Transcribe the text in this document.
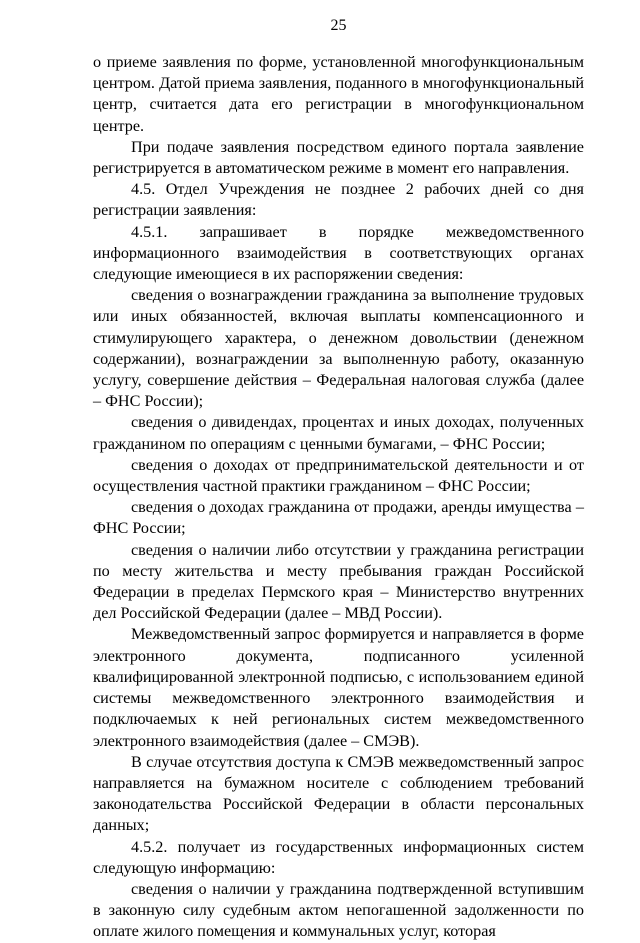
25

о приеме заявления по форме, установленной многофункциональным центром. Датой приема заявления, поданного в многофункциональный центр, считается дата его регистрации в многофункциональном центре.

При подаче заявления посредством единого портала заявление регистрируется в автоматическом режиме в момент его направления.

4.5. Отдел Учреждения не позднее 2 рабочих дней со дня регистрации заявления:

4.5.1. запрашивает в порядке межведомственного информационного взаимодействия в соответствующих органах следующие имеющиеся в их распоряжении сведения:

сведения о вознаграждении гражданина за выполнение трудовых или иных обязанностей, включая выплаты компенсационного и стимулирующего характера, о денежном довольствии (денежном содержании), вознаграждении за выполненную работу, оказанную услугу, совершение действия – Федеральная налоговая служба (далее – ФНС России);

сведения о дивидендах, процентах и иных доходах, полученных гражданином по операциям с ценными бумагами, – ФНС России;

сведения о доходах от предпринимательской деятельности и от осуществления частной практики гражданином – ФНС России;

сведения о доходах гражданина от продажи, аренды имущества – ФНС России;

сведения о наличии либо отсутствии у гражданина регистрации по месту жительства и месту пребывания граждан Российской Федерации в пределах Пермского края – Министерство внутренних дел Российской Федерации (далее – МВД России).

Межведомственный запрос формируется и направляется в форме электронного документа, подписанного усиленной квалифицированной электронной подписью, с использованием единой системы межведомственного электронного взаимодействия и подключаемых к ней региональных систем межведомственного электронного взаимодействия (далее – СМЭВ).

В случае отсутствия доступа к СМЭВ межведомственный запрос направляется на бумажном носителе с соблюдением требований законодательства Российской Федерации в области персональных данных;

4.5.2. получает из государственных информационных систем следующую информацию:

сведения о наличии у гражданина подтвержденной вступившим в законную силу судебным актом непогашенной задолженности по оплате жилого помещения и коммунальных услуг, которая
